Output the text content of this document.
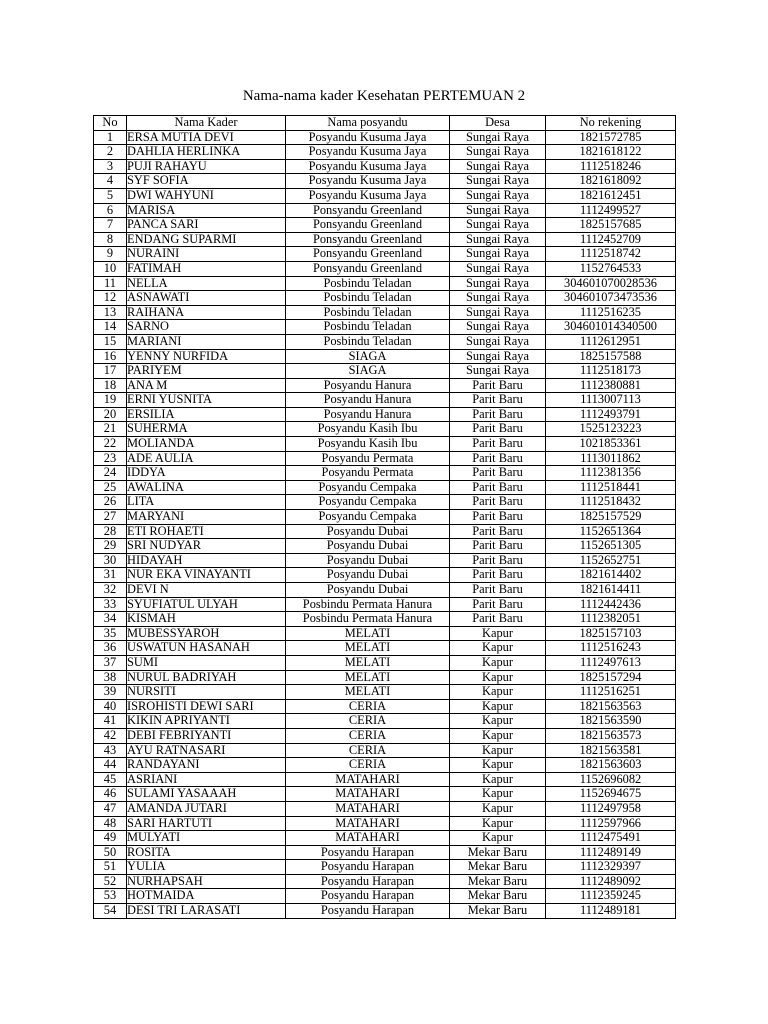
Nama-nama kader Kesehatan PERTEMUAN 2
No	Nama Kader	Nama posyandu	Desa	No rekening
1	ERSA MUTIA DEVI	Posyandu Kusuma Jaya	Sungai Raya	1821572785
2	DAHLIA HERLINKA	Posyandu Kusuma Jaya	Sungai Raya	1821618122
3	PUJI RAHAYU	Posyandu Kusuma Jaya	Sungai Raya	1112518246
4	SYF SOFIA	Posyandu Kusuma Jaya	Sungai Raya	1821618092
5	DWI WAHYUNI	Posyandu Kusuma Jaya	Sungai Raya	1821612451
6	MARISA	Ponsyandu Greenland	Sungai Raya	1112499527
7	PANCA SARI	Ponsyandu Greenland	Sungai Raya	1825157685
8	ENDANG SUPARMI	Ponsyandu Greenland	Sungai Raya	1112452709
9	NURAINI	Ponsyandu Greenland	Sungai Raya	1112518742
10	FATIMAH	Ponsyandu Greenland	Sungai Raya	1152764533
11	NELLA	Posbindu Teladan	Sungai Raya	304601070028536
12	ASNAWATI	Posbindu Teladan	Sungai Raya	304601073473536
13	RAIHANA	Posbindu Teladan	Sungai Raya	1112516235
14	SARNO	Posbindu Teladan	Sungai Raya	304601014340500
15	MARIANI	Posbindu Teladan	Sungai Raya	1112612951
16	YENNY NURFIDA	SIAGA	Sungai Raya	1825157588
17	PARIYEM	SIAGA	Sungai Raya	1112518173
18	ANA M	Posyandu Hanura	Parit Baru	1112380881
19	ERNI YUSNITA	Posyandu Hanura	Parit Baru	1113007113
20	ERSILIA	Posyandu Hanura	Parit Baru	1112493791
21	SUHERMA	Posyandu Kasih Ibu	Parit Baru	1525123223
22	MOLIANDA	Posyandu Kasih Ibu	Parit Baru	1021853361
23	ADE AULIA	Posyandu Permata	Parit Baru	1113011862
24	IDDYA	Posyandu Permata	Parit Baru	1112381356
25	AWALINA	Posyandu Cempaka	Parit Baru	1112518441
26	LITA	Posyandu Cempaka	Parit Baru	1112518432
27	MARYANI	Posyandu Cempaka	Parit Baru	1825157529
28	ETI ROHAETI	Posyandu Dubai	Parit Baru	1152651364
29	SRI NUDYAR	Posyandu Dubai	Parit Baru	1152651305
30	HIDAYAH	Posyandu Dubai	Parit Baru	1152652751
31	NUR EKA VINAYANTI	Posyandu Dubai	Parit Baru	1821614402
32	DEVI N	Posyandu Dubai	Parit Baru	1821614411
33	SYUFIATUL ULYAH	Posbindu Permata Hanura	Parit Baru	1112442436
34	KISMAH	Posbindu Permata Hanura	Parit Baru	1112382051
35	MUBESSYAROH	MELATI	Kapur	1825157103
36	USWATUN HASANAH	MELATI	Kapur	1112516243
37	SUMI	MELATI	Kapur	1112497613
38	NURUL BADRIYAH	MELATI	Kapur	1825157294
39	NURSITI	MELATI	Kapur	1112516251
40	ISROHISTI DEWI SARI	CERIA	Kapur	1821563563
41	KIKIN APRIYANTI	CERIA	Kapur	1821563590
42	DEBI FEBRIYANTI	CERIA	Kapur	1821563573
43	AYU RATNASARI	CERIA	Kapur	1821563581
44	RANDAYANI	CERIA	Kapur	1821563603
45	ASRIANI	MATAHARI	Kapur	1152696082
46	SULAMI YASAAAH	MATAHARI	Kapur	1152694675
47	AMANDA JUTARI	MATAHARI	Kapur	1112497958
48	SARI HARTUTI	MATAHARI	Kapur	1112597966
49	MULYATI	MATAHARI	Kapur	1112475491
50	ROSITA	Posyandu Harapan	Mekar Baru	1112489149
51	YULIA	Posyandu Harapan	Mekar Baru	1112329397
52	NURHAPSAH	Posyandu Harapan	Mekar Baru	1112489092
53	HOTMAIDA	Posyandu Harapan	Mekar Baru	1112359245
54	DESI TRI LARASATI	Posyandu Harapan	Mekar Baru	1112489181
